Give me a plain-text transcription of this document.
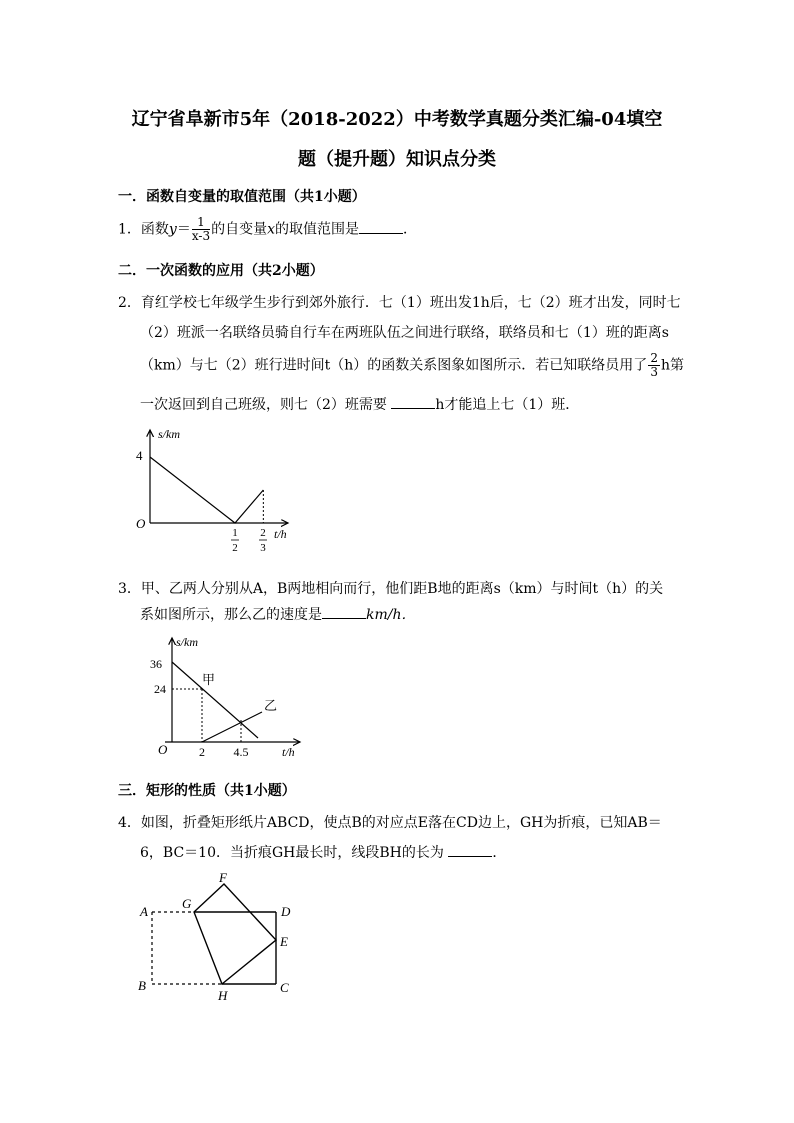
辽宁省阜新市5年（2018-2022）中考数学真题分类汇编-04填空
题（提升题）知识点分类
一．函数自变量的取值范围（共1小题）
1．函数$y= \frac{1}{x-3}$ 的自变量x的取值范围是	．
二．一次函数的应用（共2小题）
2．育红学校七年级学生步行到郊外旅行．七（1）班出发1h后，七（2）班才出发，同时七
（2）班派一名联络员骑自行车在两班队伍之间进行联络，联络员和七（1）班的距离s
（km）与七（2）班行进时间t（h）的函数关系图象如图所示．若已知联络员用了 $\frac{2}{3}$ h第
一次返回到自己班级，则七（2）班需要	h才能追上七（1）班．
s/km
t/h
O
4
1
2
2
3
3．甲、乙两人分别从A，B两地相向而行，他们距B地的距离s（km）与时间t（h）的关
系如图所示，那么乙的速度是	km/h．
s/km
t/h
O
36
24
2 4.5
甲
乙
三．矩形的性质（共1小题）
4．如图，折叠矩形纸片ABCD，使点B的对应点E落在CD边上，GH为折痕，已知AB＝
6，BC＝10．当折痕GH最长时，线段BH的长为	．
A
B	C
D
E
F
G
H
